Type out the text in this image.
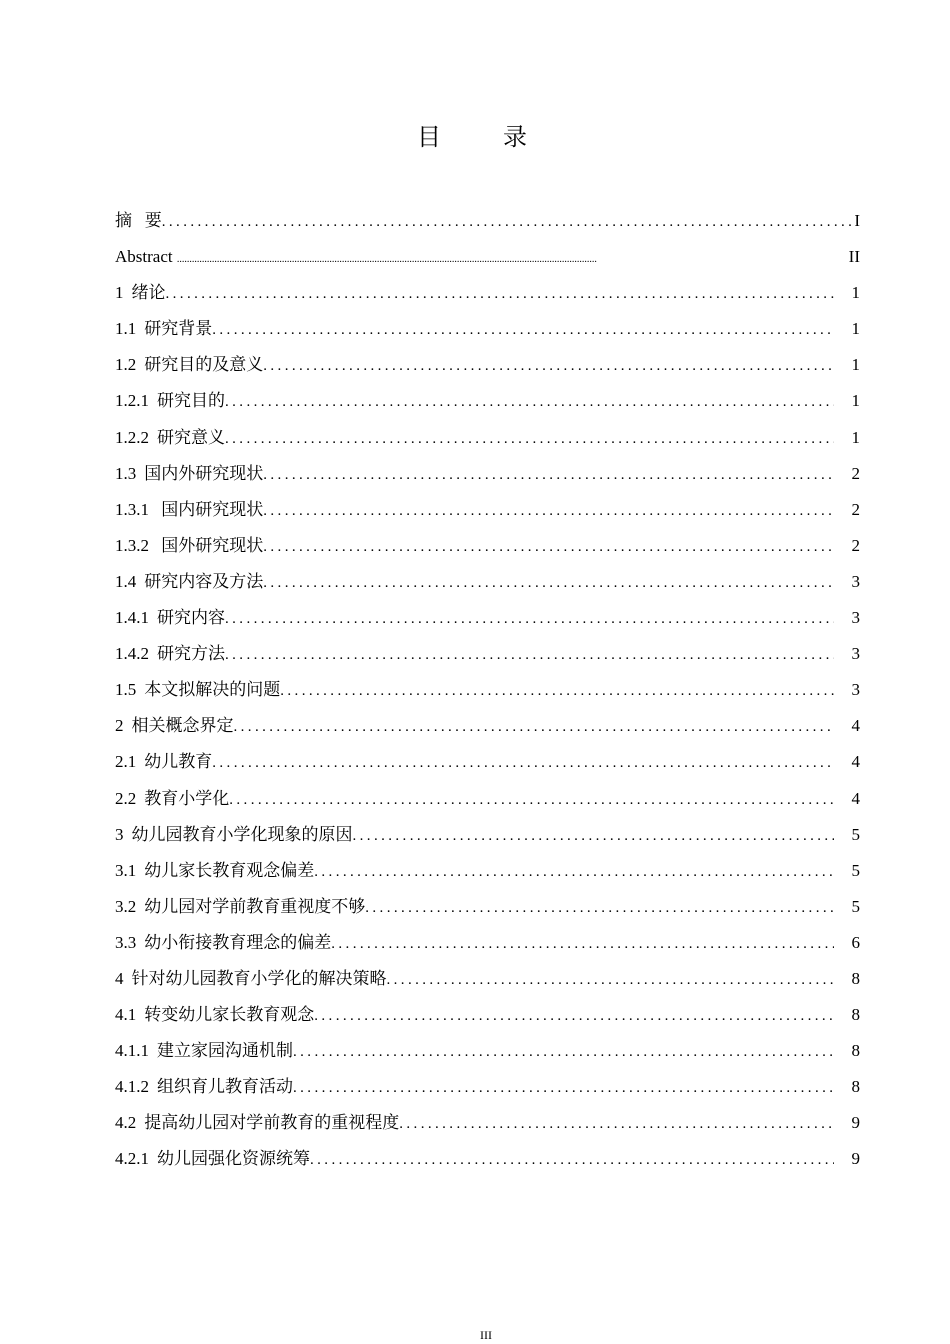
目 录
摘   要 .....	I
Abstract .....	II
1 绪论 .....	1
1.1 研究背景 .....	1
1.2 研究目的及意义 .....	1
1.2.1 研究目的 .....	1
1.2.2 研究意义 .....	1
1.3 国内外研究现状 .....	2
1.3.1 国内研究现状 .....	2
1.3.2 国外研究现状 .....	2
1.4 研究内容及方法 .....	3
1.4.1 研究内容 .....	3
1.4.2 研究方法 .....	3
1.5 本文拟解决的问题 .....	3
2 相关概念界定 .....	4
2.1 幼儿教育 .....	4
2.2 教育小学化 .....	4
3 幼儿园教育小学化现象的原因 .....	5
3.1 幼儿家长教育观念偏差 .....	5
3.2 幼儿园对学前教育重视度不够 .....	5
3.3 幼小衔接教育理念的偏差 .....	6
4 针对幼儿园教育小学化的解决策略 .....	8
4.1 转变幼儿家长教育观念 .....	8
4.1.1 建立家园沟通机制 .....	8
4.1.2 组织育儿教育活动 .....	8
4.2 提高幼儿园对学前教育的重视程度 .....	9
4.2.1 幼儿园强化资源统筹 .....	9
III
